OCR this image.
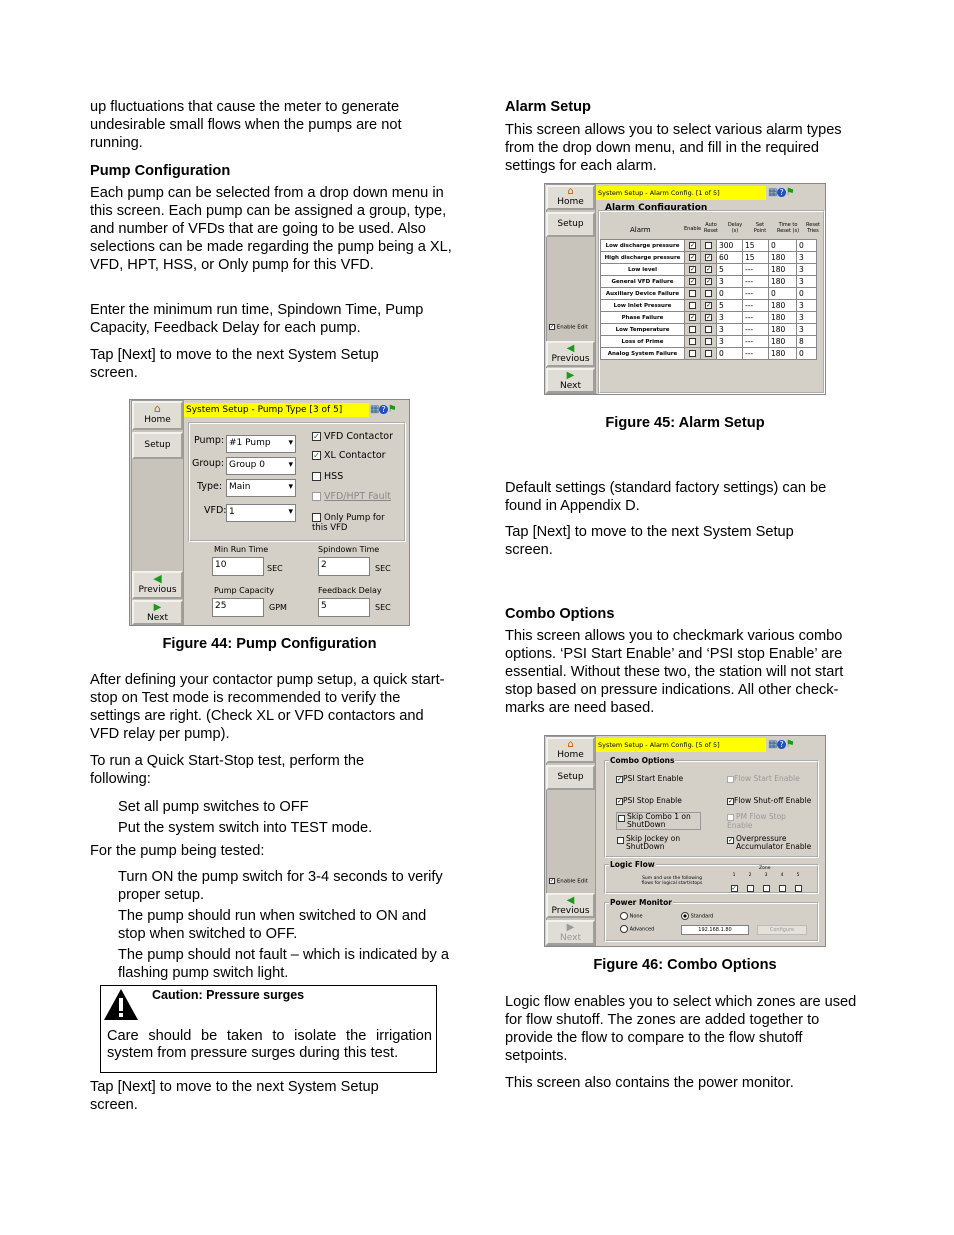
up fluctuations that cause the meter to generate undesirable small flows when the pumps are not running.

Pump Configuration

Each pump can be selected from a drop down menu in this screen. Each pump can be assigned a group, type, and number of VFDs that are going to be used. Also selections can be made regarding the pump being a XL, VFD, HPT, HSS, or Only pump for this VFD.

Enter the minimum run time, Spindown Time, Pump Capacity, Feedback Delay for each pump.

Tap [Next] to move to the next System Setup screen.

⌂
Home
Setup
◀
Previous
▶
Next
System Setup - Pump Type [3 of 5]	▦ ? ⚑
Pump: #1 Pump ▾
Group: Group 0	▾
Type: Main	▾
VFD: 1	▾
✓ VFD Contactor
✓ XL Contactor
HSS
VFD/HPT Fault
Only Pump for this VFD
Min Run Time
10	SEC
Spindown Time
2	SEC
Pump Capacity
25	GPM
Feedback Delay
5	SEC
Figure 44: Pump Configuration

After defining your contactor pump setup, a quick start-stop on Test mode is recommended to verify the settings are right. (Check XL or VFD contactors and VFD relay per pump).

To run a Quick Start-Stop test, perform the following:

Set all pump switches to OFF

Put the system switch into TEST mode.

For the pump being tested:

Turn ON the pump switch for 3-4 seconds to verify proper setup.

The pump should run when switched to ON and stop when switched to OFF.

The pump should not fault – which is indicated by a flashing pump switch light.

Caution: Pressure surges
Care should be taken to isolate the irrigation system from pressure surges during this test.

Tap [Next] to move to the next System Setup screen.

Alarm Setup

This screen allows you to select various alarm types from the drop down menu, and fill in the required settings for each alarm.

⌂
Home
Setup
✓ Enable Edit
◀
Previous
▶
Next
System Setup - Alarm Config. [1 of 5]	▦ ? ⚑
Alarm Configuration
Alarm	Enable
Auto Reset
Delay (s)
Set Point
Time to Reset (s)
Reset Tries
Low discharge pressure	✓		300	15	0	0
High discharge pressure	✓	✓	60	15	180	3
Low level	✓	✓	5	---	180	3
General VFD Failure	✓	✓	3	---	180	3
Auxiliary Device Failure			0	---	0	0
Low Inlet Pressure		✓	5	---	180	3
Phase Failure	✓	✓	3	---	180	3
Low Temperature			3	---	180	3
Loss of Prime			3	---	180	8
Analog System Failure			0	---	180	0
Figure 45: Alarm Setup

Default settings (standard factory settings) can be found in Appendix D.

Tap [Next] to move to the next System Setup screen.

Combo Options

This screen allows you to checkmark various combo options. ‘PSI Start Enable’ and ‘PSI stop Enable’ are essential. Without these two, the station will not start stop based on pressure indications. All other check-marks are need based.

⌂
Home
Setup
✓ Enable Edit
◀
Previous
▶
Next
System Setup - Alarm Config. [5 of 5]	▦ ? ⚑
Combo Options
✓PSI Start Enable
✓PSI Stop Enable
Skip Combo 1 on ShutDown
Skip Jockey on ShutDown
Flow Start Enable
✓Flow Shut-off Enable
PM Flow Stop Enable
✓ Overpressure Accumulator Enable
Logic Flow
Sum and use the following flows for logical start/stops
Zone
1
✓
2	3	4	5
Power Monitor
None	Standard
Advanced	192.168.1.80	Configure
Figure 46: Combo Options

Logic flow enables you to select which zones are used for flow shutoff. The zones are added together to provide the flow to compare to the flow shutoff setpoints.

This screen also contains the power monitor.
